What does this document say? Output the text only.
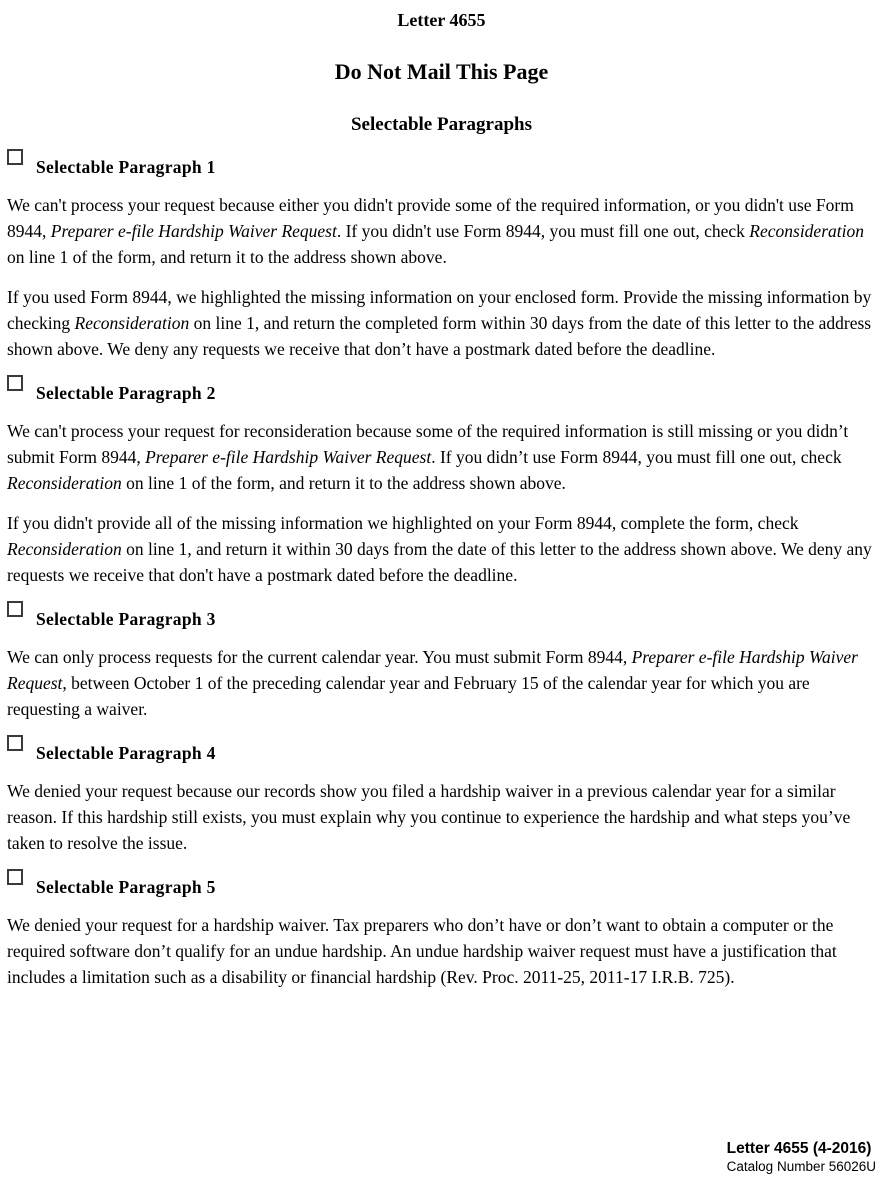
Letter 4655
Do Not Mail This Page
Selectable Paragraphs
Selectable Paragraph 1

We can't process your request because either you didn't provide some of the required information, or you didn't use Form 8944, Preparer e-file Hardship Waiver Request. If you didn't use Form 8944, you must fill one out, check Reconsideration on line 1 of the form, and return it to the address shown above.

If you used Form 8944, we highlighted the missing information on your enclosed form. Provide the missing information by checking Reconsideration on line 1, and return the completed form within 30 days from the date of this letter to the address shown above. We deny any requests we receive that don’t have a postmark dated before the deadline.

Selectable Paragraph 2

We can't process your request for reconsideration because some of the required information is still missing or you didn’t submit Form 8944, Preparer e-file Hardship Waiver Request. If you didn’t use Form 8944, you must fill one out, check Reconsideration on line 1 of the form, and return it to the address shown above.

If you didn't provide all of the missing information we highlighted on your Form 8944, complete the form, check Reconsideration on line 1, and return it within 30 days from the date of this letter to the address shown above. We deny any requests we receive that don't have a postmark dated before the deadline.

Selectable Paragraph 3

We can only process requests for the current calendar year. You must submit Form 8944, Preparer e-file Hardship Waiver Request, between October 1 of the preceding calendar year and February 15 of the calendar year for which you are requesting a waiver.

Selectable Paragraph 4

We denied your request because our records show you filed a hardship waiver in a previous calendar year for a similar reason. If this hardship still exists, you must explain why you continue to experience the hardship and what steps you’ve taken to resolve the issue.

Selectable Paragraph 5

We denied your request for a hardship waiver. Tax preparers who don’t have or don’t want to obtain a computer or the required software don’t qualify for an undue hardship. An undue hardship waiver request must have a justification that includes a limitation such as a disability or financial hardship (Rev. Proc. 2011-25, 2011-17 I.R.B. 725).

Letter 4655 (4-2016)
Catalog Number 56026U
